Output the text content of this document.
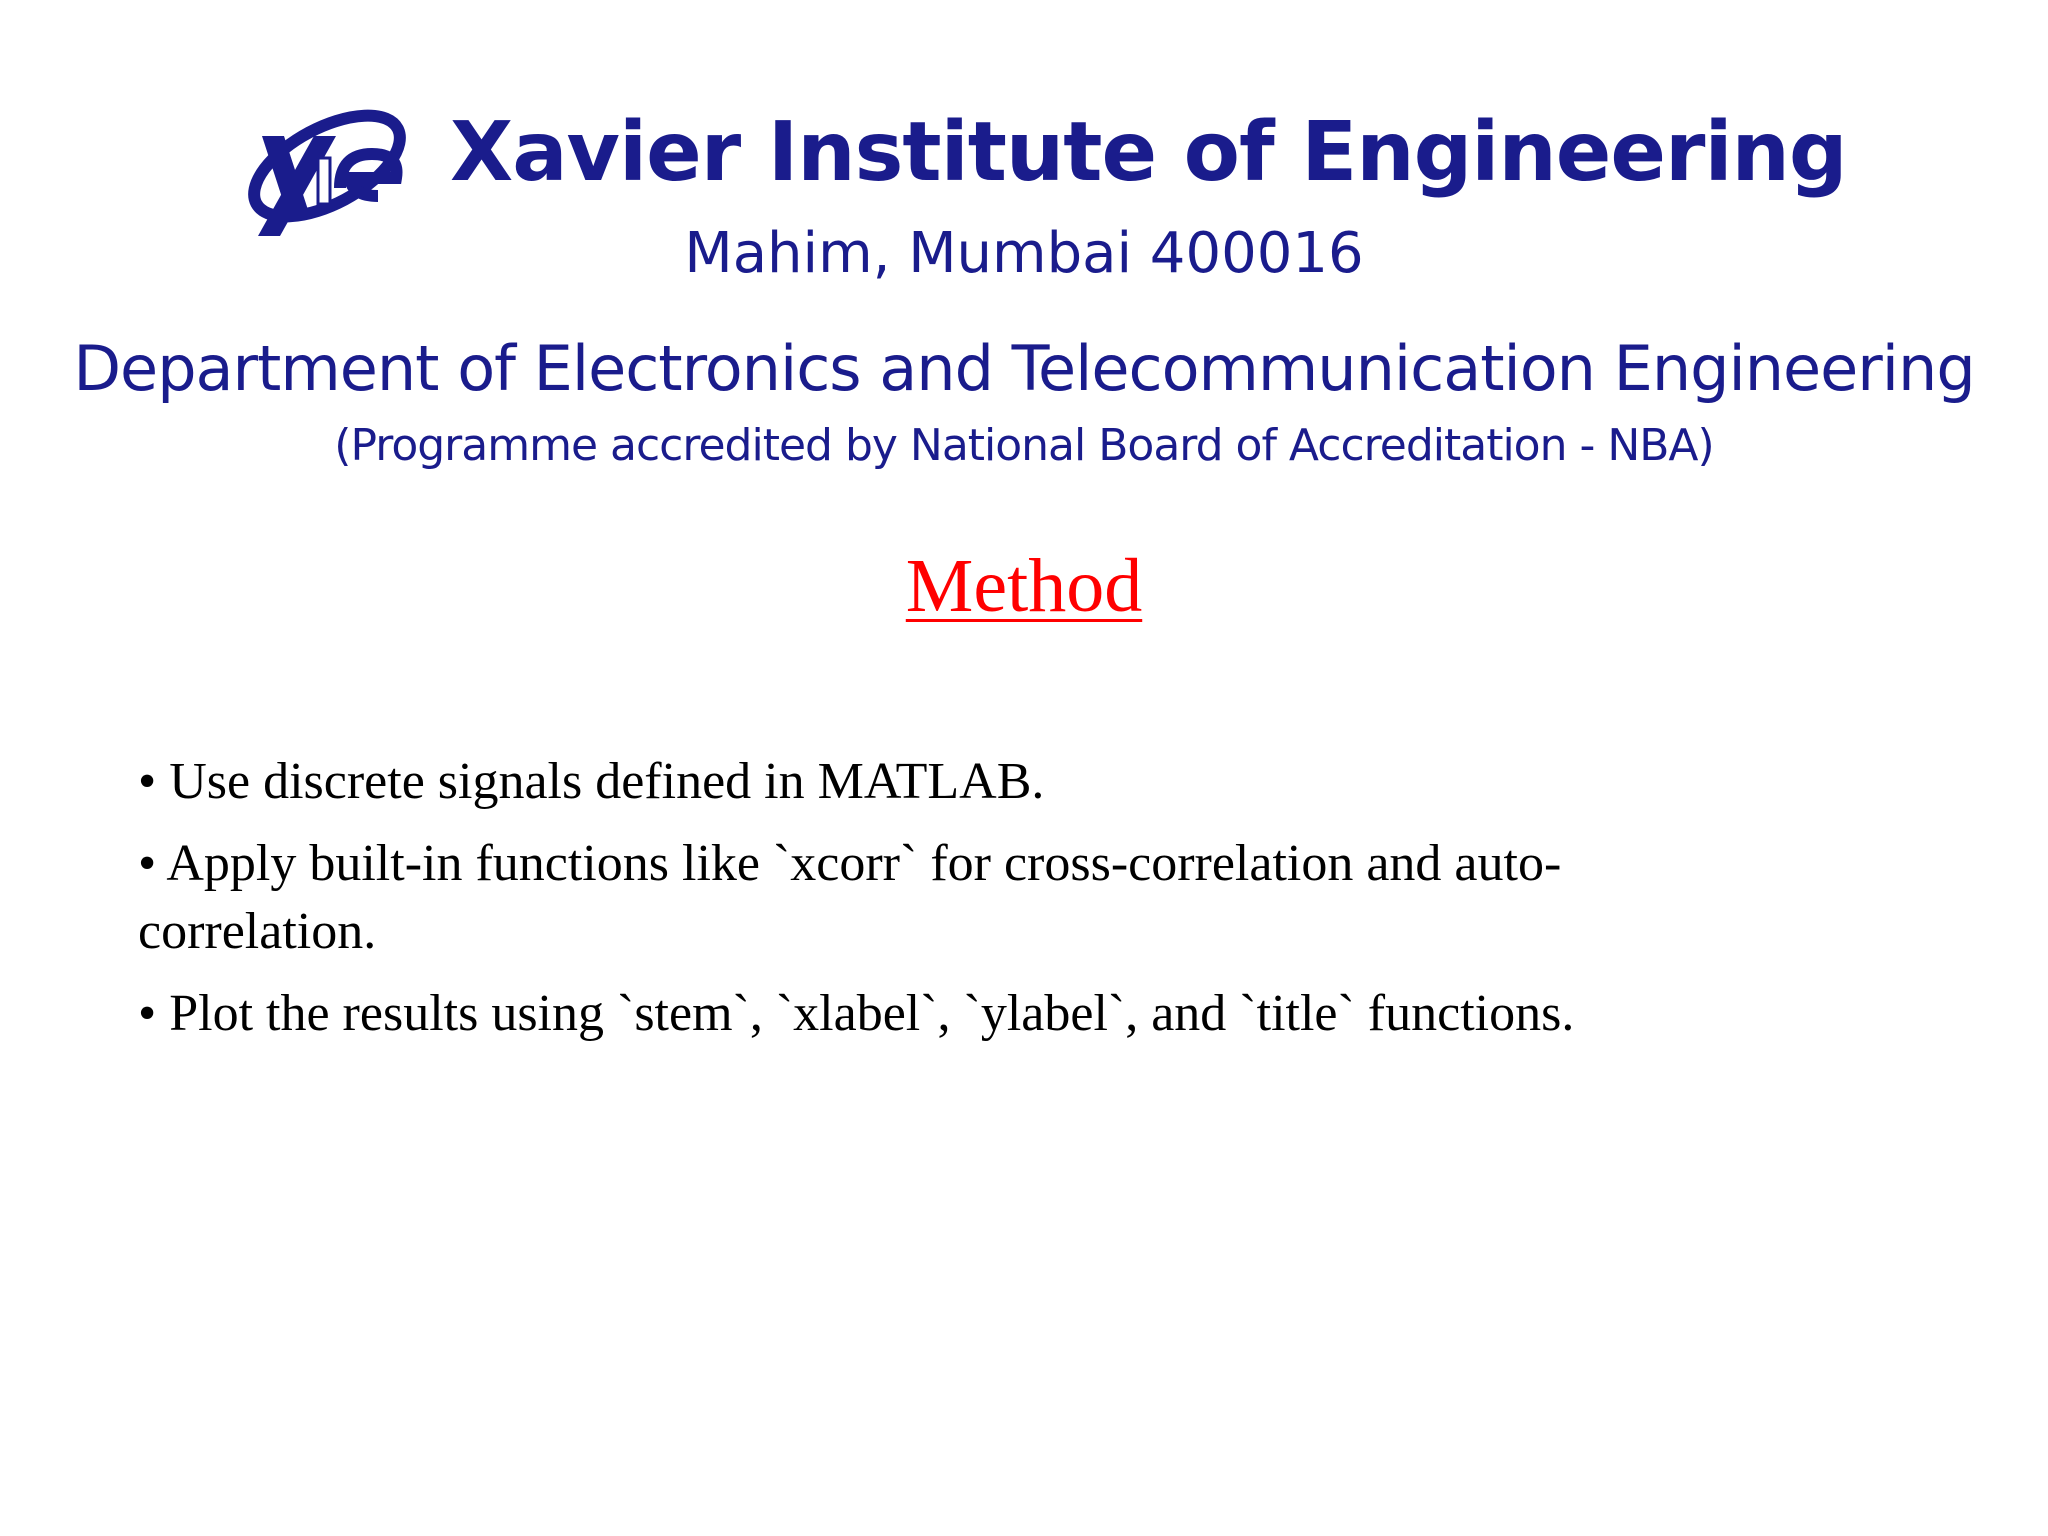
Xavier Institute of Engineering
Mahim, Mumbai 400016
Department of Electronics and Telecommunication Engineering
(Programme accredited by National Board of Accreditation - NBA)
Method
• Use discrete signals defined in MATLAB.
• Apply built-in functions like `xcorr` for cross-correlation and auto-correlation.
• Plot the results using `stem`, `xlabel`, `ylabel`, and `title` functions.
